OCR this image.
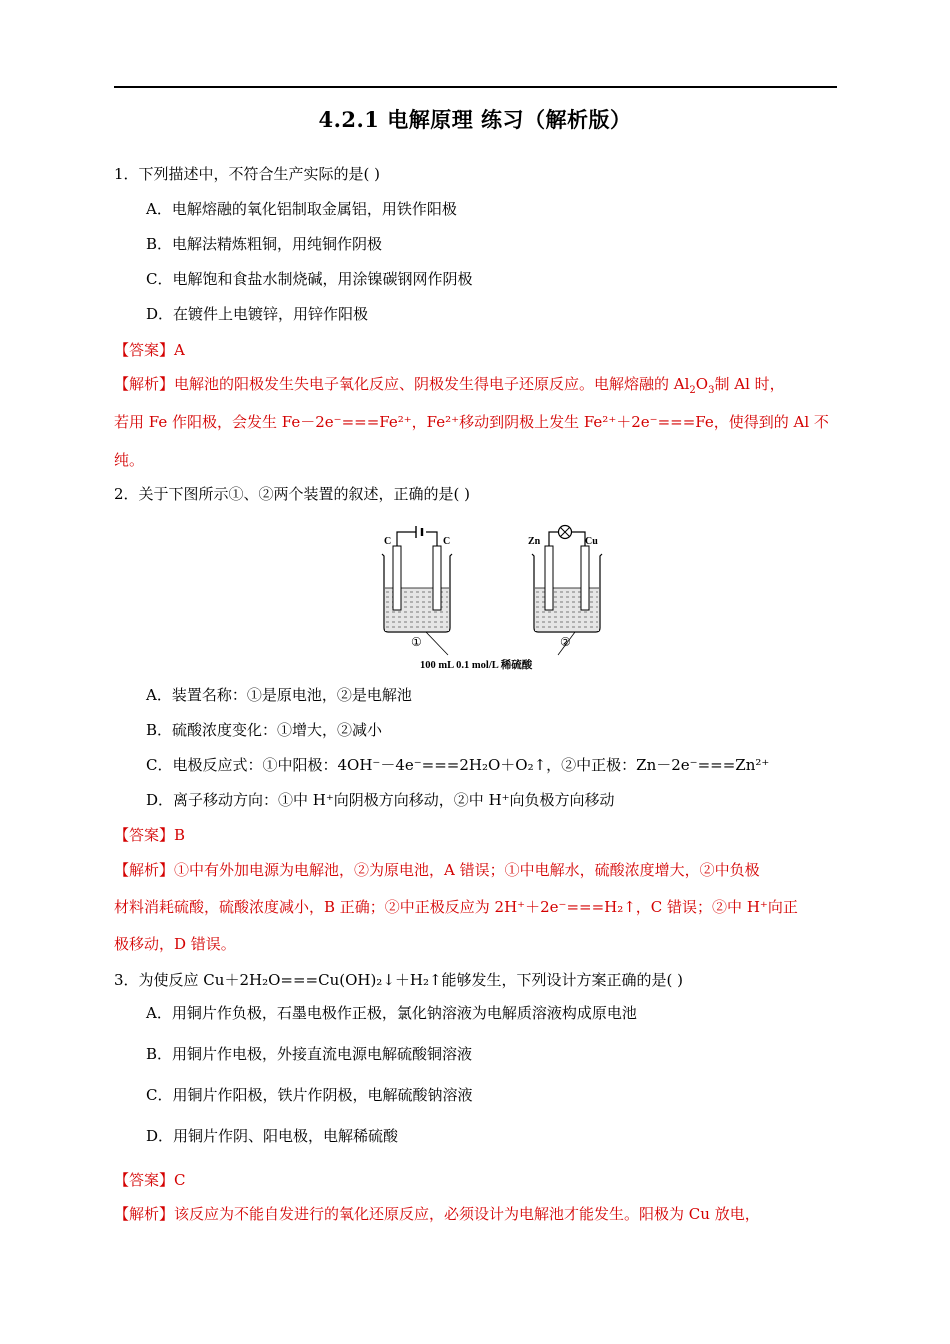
4.2.1 电解原理 练习（解析版）
1．下列描述中，不符合生产实际的是( )
A．电解熔融的氧化铝制取金属铝，用铁作阳极
B．电解法精炼粗铜，用纯铜作阴极
C．电解饱和食盐水制烧碱，用涂镍碳钢网作阴极
D．在镀件上电镀锌，用锌作阳极
【答案】A
【解析】电解池的阳极发生失电子氧化反应、阴极发生得电子还原反应。电解熔融的 $Al_2O_3$制 Al 时，
若用 Fe 作阳极，会发生 Fe－2e⁻===Fe²⁺，Fe²⁺移动到阴极上发生 Fe²⁺＋2e⁻===Fe，使得到的 Al 不
纯。
2．关于下图所示①、②两个装置的叙述，正确的是( )
C	C
①
Zn	Cu
②
100 mL 0.1 mol/L 稀硫酸
A．装置名称：①是原电池，②是电解池
B．硫酸浓度变化：①增大，②减小
C．电极反应式：①中阳极：4OH⁻－4e⁻===2H₂O＋O₂↑，②中正极：Zn－2e⁻===Zn²⁺
D．离子移动方向：①中 H⁺向阴极方向移动，②中 H⁺向负极方向移动
【答案】B
【解析】①中有外加电源为电解池，②为原电池，A 错误；①中电解水，硫酸浓度增大，②中负极
材料消耗硫酸，硫酸浓度减小，B 正确；②中正极反应为 2H⁺＋2e⁻===H₂↑，C 错误；②中 H⁺向正
极移动，D 错误。
3．为使反应 Cu＋2H₂O===Cu(OH)₂↓＋H₂↑能够发生，下列设计方案正确的是( )
A．用铜片作负极，石墨电极作正极，氯化钠溶液为电解质溶液构成原电池
B．用铜片作电极，外接直流电源电解硫酸铜溶液
C．用铜片作阳极，铁片作阴极，电解硫酸钠溶液
D．用铜片作阴、阳电极，电解稀硫酸
【答案】C
【解析】该反应为不能自发进行的氧化还原反应，必须设计为电解池才能发生。阳极为 Cu 放电，
